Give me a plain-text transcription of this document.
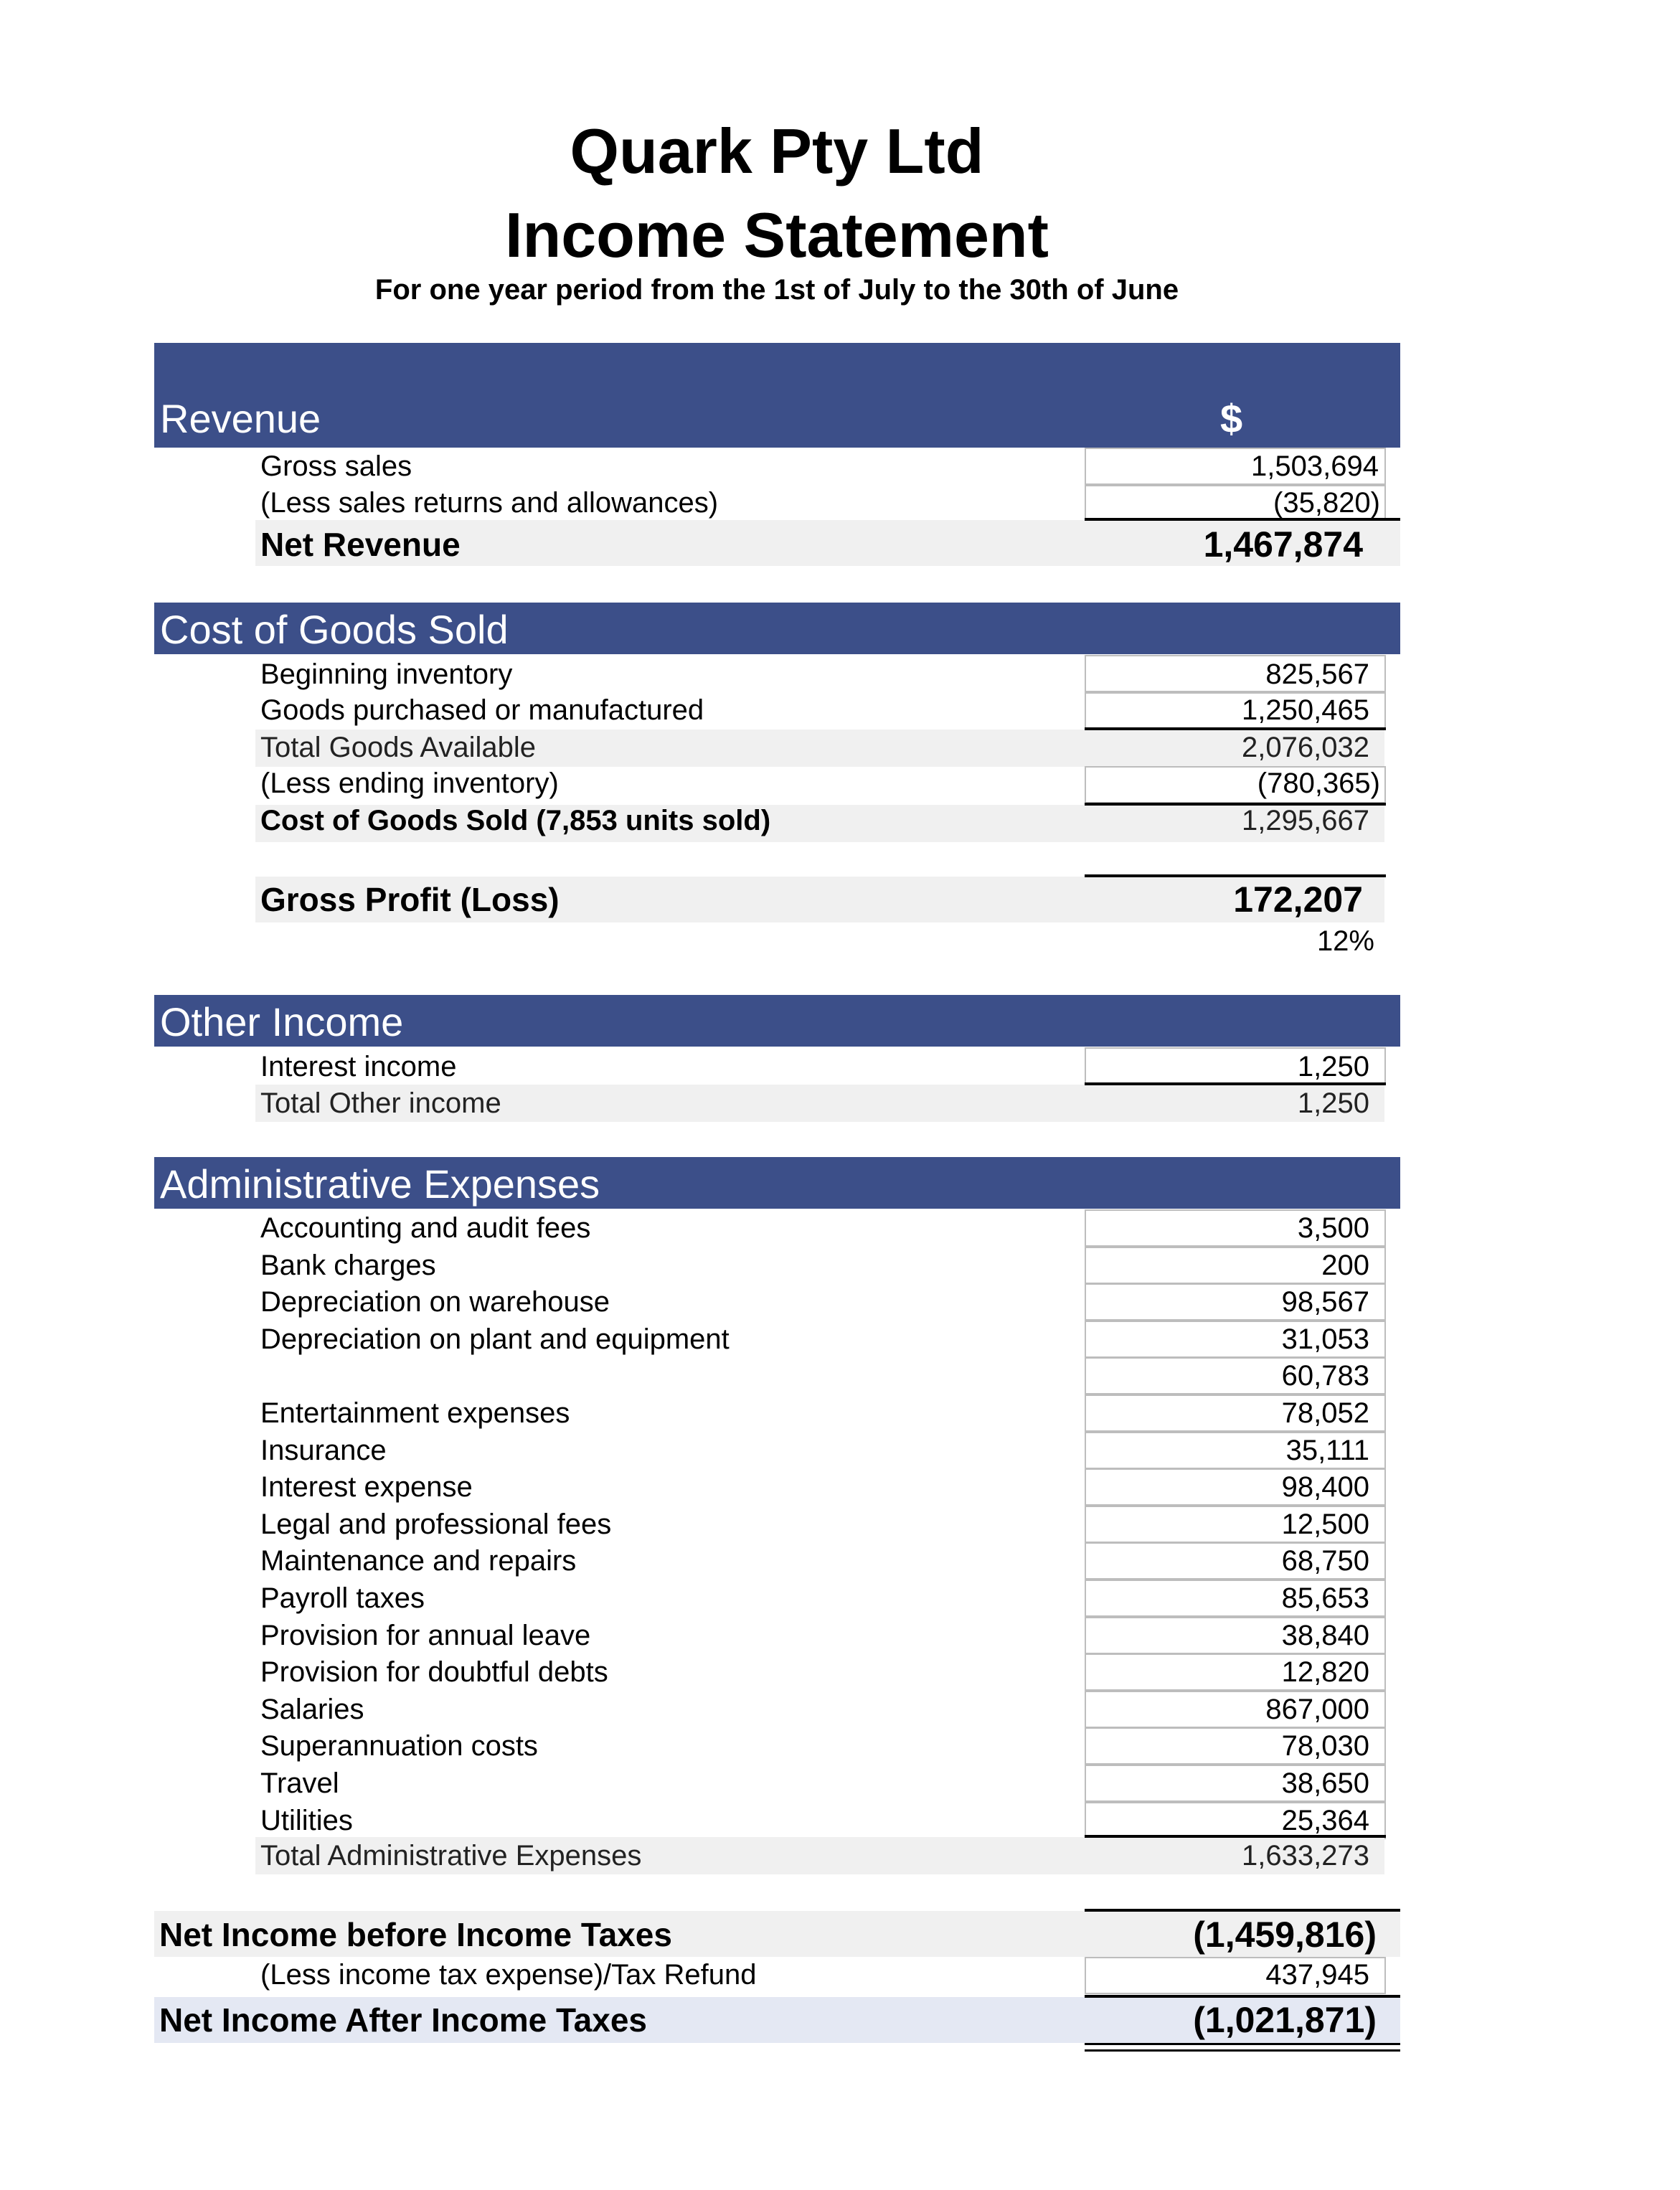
Quark Pty Ltd
Income Statement
For one year period from the 1st of July to the 30th of June
Revenue	$
Gross sales	1,503,694
(Less sales returns and allowances)	(35,820)
Net Revenue	1,467,874
Cost of Goods Sold
Beginning inventory	825,567
Goods purchased or manufactured	1,250,465
Total Goods Available	2,076,032
(Less ending inventory)	(780,365)
Cost of Goods Sold (7,853 units sold)	1,295,667
Gross Profit (Loss)	172,207
12%
Other Income
Interest income	1,250
Total Other income	1,250
Administrative Expenses
Accounting and audit fees	3,500
Bank charges	200
Depreciation on warehouse	98,567
Depreciation on plant and equipment	31,053
60,783
Entertainment expenses	78,052
Insurance	35,111
Interest expense	98,400
Legal and professional fees	12,500
Maintenance and repairs	68,750
Payroll taxes	85,653
Provision for annual leave	38,840
Provision for doubtful debts	12,820
Salaries	867,000
Superannuation costs	78,030
Travel	38,650
Utilities	25,364
Total Administrative Expenses	1,633,273
Net Income before Income Taxes	(1,459,816)
(Less income tax expense)/Tax Refund	437,945
Net Income After Income Taxes	(1,021,871)
